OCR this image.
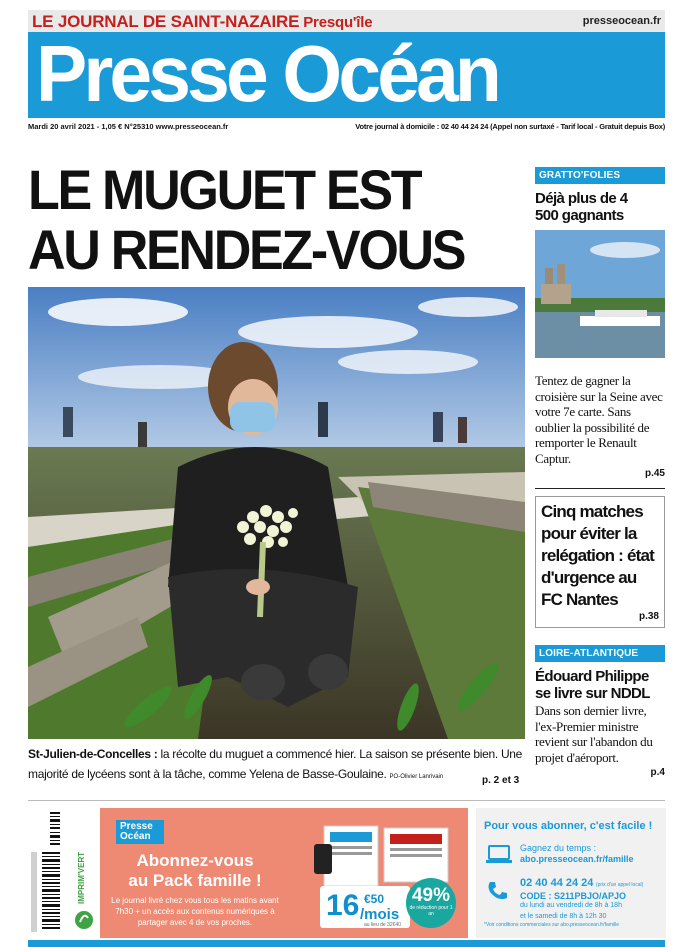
LE JOURNAL DE SAINT-NAZAIRE Presqu'île	presseocean.fr
Presse Océan
Mardi 20 avril 2021 - 1,05 € N°25310 www.presseocean.fr	Votre journal à domicile : 02 40 44 24 24 (Appel non surtaxé - Tarif local - Gratuit depuis Box)
LE MUGUET EST
AU RENDEZ-VOUS
St-Julien-de-Concelles : la récolte du muguet a commencé hier. La saison se présente bien. Une majorité de lycéens sont à la tâche, comme Yelena de Basse-Goulaine. PO-Olivier Lanrivain	p. 2 et 3
GRATTO'FOLIES
Déjà plus de 4 500 gagnants
Tentez de gagner la croisière sur la Seine avec votre 7e carte. Sans oublier la possibilité de remporter le Renault Captur.
p.45
Cinq matches pour éviter la relégation : état d'urgence au FC Nantes
p.38
LOIRE-ATLANTIQUE
Édouard Philippe se livre sur NDDL
Dans son dernier livre, l'ex-Premier ministre revient sur l'abandon du projet d'aéroport.
p.4
IMPRIM'VERT
Presse Océan
Abonnez-vous
au Pack famille !
Le journal livré chez vous tous les matins avant 7h30 + un accès aux contenus numériques à partager avec 4 de vos proches.
16 €50
/mois
au lieu de 32€40
49%
de réduction pour 1 an
Pour vous abonner, c'est facile !
Gagnez du temps :
abo.presseocean.fr/famille
02 40 44 24 24 (prix d'un appel local)
CODE : S211PBJO/APJO
du lundi au vendredi de 8h à 18h
et le samedi de 8h à 12h 30
*Voir conditions commerciales sur abo.presseocean.fr/famille
